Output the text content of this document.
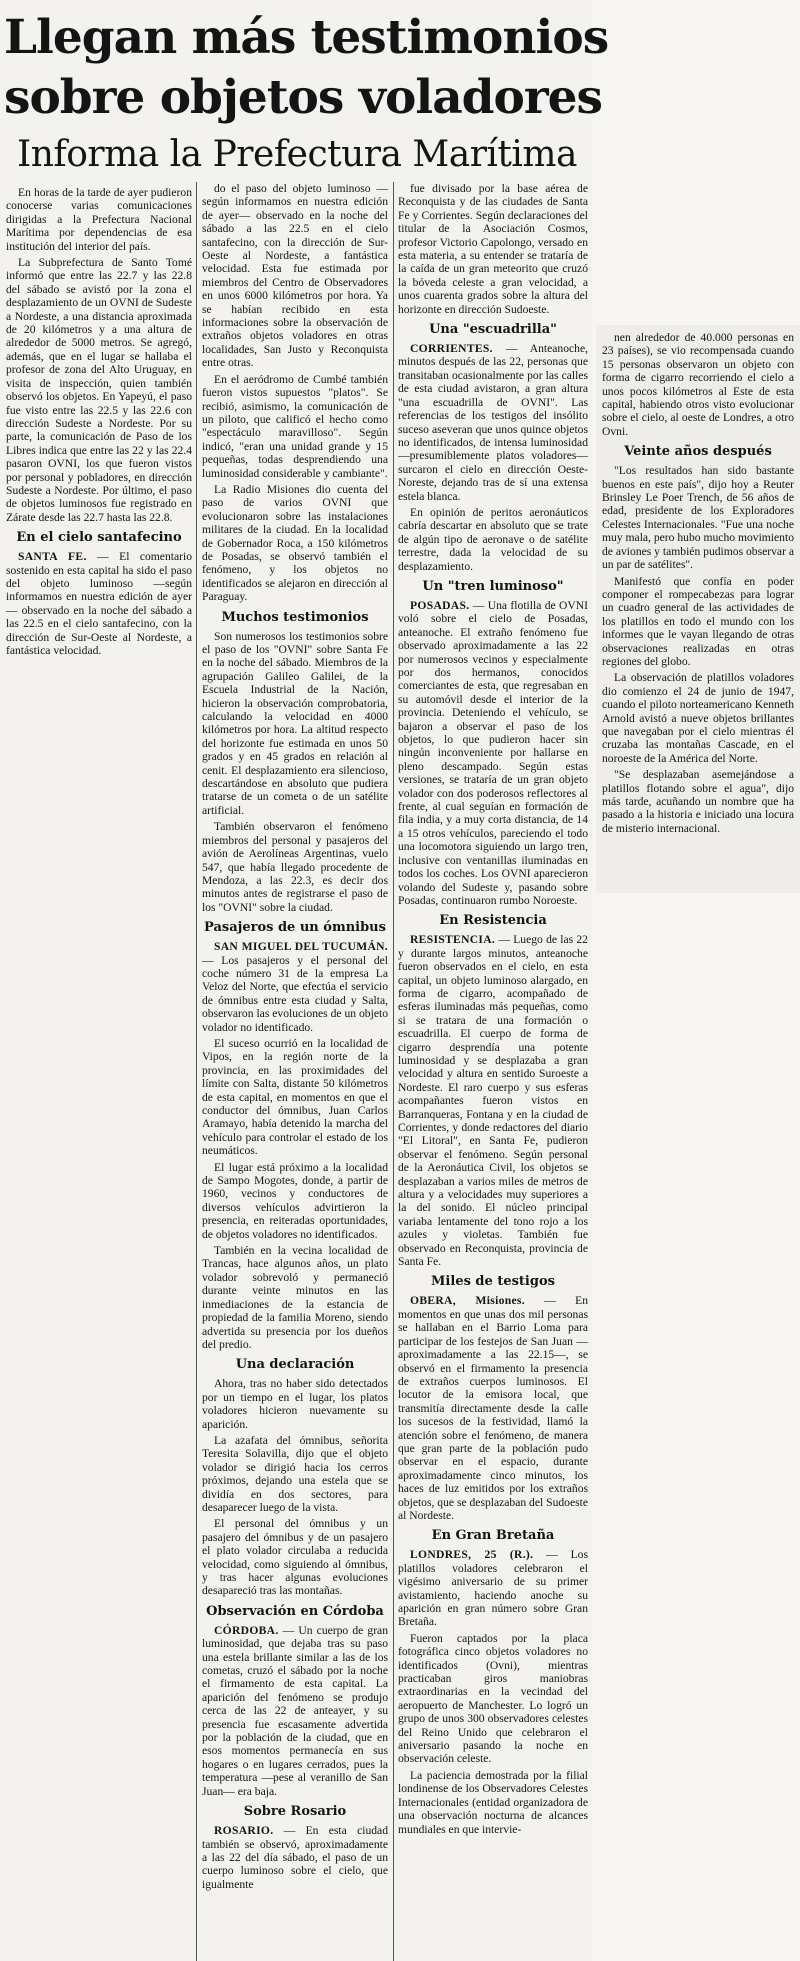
Llegan más testimonios
sobre objetos voladores
Informa la Prefectura Marítima

En horas de la tarde de ayer pudieron conocerse varias comunicaciones dirigidas a la Prefectura Nacional Marítima por dependencias de esa institución del interior del país.

La Subprefectura de Santo Tomé informó que entre las 22.7 y las 22.8 del sábado se avistó por la zona el desplazamiento de un OVNI de Sudeste a Nordeste, a una distancia aproximada de 20 kilómetros y a una altura de alrededor de 5000 metros. Se agregó, además, que en el lugar se hallaba el profesor de zona del Alto Uruguay, en visita de inspección, quien también observó los objetos. En Yapeyú, el paso fue visto entre las 22.5 y las 22.6 con dirección Sudeste a Nordeste. Por su parte, la comunicación de Paso de los Libres indica que entre las 22 y las 22.4 pasaron OVNI, los que fueron vistos por personal y pobladores, en dirección Sudeste a Nordeste. Por último, el paso de objetos luminosos fue registrado en Zárate desde las 22.7 hasta las 22.8.

En el cielo santafecino

SANTA FE. — El comentario sostenido en esta capital ha sido el paso del objeto luminoso —según informamos en nuestra edición de ayer— observado en la noche del sábado a las 22.5 en el cielo santafecino, con la dirección de Sur-Oeste al Nordeste, a fantástica velocidad.

do el paso del objeto luminoso —según informamos en nuestra edición de ayer— observado en la noche del sábado a las 22.5 en el cielo santafecino, con la dirección de Sur-Oeste al Nordeste, a fantástica velocidad. Esta fue estimada por miembros del Centro de Observadores en unos 6000 kilómetros por hora. Ya se habían recibido en esta informaciones sobre la observación de extraños objetos voladores en otras localidades, San Justo y Reconquista entre otras.

En el aeródromo de Cumbé también fueron vistos supuestos "platos". Se recibió, asimismo, la comunicación de un piloto, que calificó el hecho como "espectáculo maravilloso". Según indicó, "eran una unidad grande y 15 pequeñas, todas desprendiendo una luminosidad considerable y cambiante".

La Radio Misiones dio cuenta del paso de varios OVNI que evolucionaron sobre las instalaciones militares de la ciudad. En la localidad de Gobernador Roca, a 150 kilómetros de Posadas, se observó también el fenómeno, y los objetos no identificados se alejaron en dirección al Paraguay.

Muchos testimonios

Son numerosos los testimonios sobre el paso de los "OVNI" sobre Santa Fe en la noche del sábado. Miembros de la agrupación Galileo Galilei, de la Escuela Industrial de la Nación, hicieron la observación comprobatoria, calculando la velocidad en 4000 kilómetros por hora. La altitud respecto del horizonte fue estimada en unos 50 grados y en 45 grados en relación al cenit. El desplazamiento era silencioso, descartándose en absoluto que pudiera tratarse de un cometa o de un satélite artificial.

También observaron el fenómeno miembros del personal y pasajeros del avión de Aerolíneas Argentinas, vuelo 547, que había llegado procedente de Mendoza, a las 22.3, es decir dos minutos antes de registrarse el paso de los "OVNI" sobre la ciudad.

Pasajeros de un ómnibus

SAN MIGUEL DEL TUCUMÁN. — Los pasajeros y el personal del coche número 31 de la empresa La Veloz del Norte, que efectúa el servicio de ómnibus entre esta ciudad y Salta, observaron las evoluciones de un objeto volador no identificado.

El suceso ocurrió en la localidad de Vipos, en la región norte de la provincia, en las proximidades del límite con Salta, distante 50 kilómetros de esta capital, en momentos en que el conductor del ómnibus, Juan Carlos Aramayo, había detenido la marcha del vehículo para controlar el estado de los neumáticos.

El lugar está próximo a la localidad de Sampo Mogotes, donde, a partir de 1960, vecinos y conductores de diversos vehículos advirtieron la presencia, en reiteradas oportunidades, de objetos voladores no identificados.

También en la vecina localidad de Trancas, hace algunos años, un plato volador sobrevoló y permaneció durante veinte minutos en las inmediaciones de la estancia de propiedad de la familia Moreno, siendo advertida su presencia por los dueños del predio.

Una declaración

Ahora, tras no haber sido detectados por un tiempo en el lugar, los platos voladores hicieron nuevamente su aparición.

La azafata del ómnibus, señorita Teresita Solavilla, dijo que el objeto volador se dirigió hacia los cerros próximos, dejando una estela que se dividía en dos sectores, para desaparecer luego de la vista.

El personal del ómnibus y un pasajero del ómnibus y de un pasajero el plato volador circulaba a reducida velocidad, como siguiendo al ómnibus, y tras hacer algunas evoluciones desapareció tras las montañas.

Observación en Córdoba

CÓRDOBA. — Un cuerpo de gran luminosidad, que dejaba tras su paso una estela brillante similar a las de los cometas, cruzó el sábado por la noche el firmamento de esta capital. La aparición del fenómeno se produjo cerca de las 22 de anteayer, y su presencia fue escasamente advertida por la población de la ciudad, que en esos momentos permanecía en sus hogares o en lugares cerrados, pues la temperatura —pese al veranillo de San Juan— era baja.

Sobre Rosario

ROSARIO. — En esta ciudad también se observó, aproximadamente a las 22 del día sábado, el paso de un cuerpo luminoso sobre el cielo, que igualmente

fue divisado por la base aérea de Reconquista y de las ciudades de Santa Fe y Corrientes. Según declaraciones del titular de la Asociación Cosmos, profesor Victorio Capolongo, versado en esta materia, a su entender se trataría de la caída de un gran meteorito que cruzó la bóveda celeste a gran velocidad, a unos cuarenta grados sobre la altura del horizonte en dirección Sudoeste.

Una "escuadrilla"

CORRIENTES. — Anteanoche, minutos después de las 22, personas que transitaban ocasionalmente por las calles de esta ciudad avistaron, a gran altura "una escuadrilla de OVNI". Las referencias de los testigos del insólito suceso aseveran que unos quince objetos no identificados, de intensa luminosidad —presumiblemente platos voladores— surcaron el cielo en dirección Oeste-Noreste, dejando tras de sí una extensa estela blanca.

En opinión de peritos aeronáuticos cabría descartar en absoluto que se trate de algún tipo de aeronave o de satélite terrestre, dada la velocidad de su desplazamiento.

Un "tren luminoso"

POSADAS. — Una flotilla de OVNI voló sobre el cielo de Posadas, anteanoche. El extraño fenómeno fue observado aproximadamente a las 22 por numerosos vecinos y especialmente por dos hermanos, conocidos comerciantes de esta, que regresaban en su automóvil desde el interior de la provincia. Deteniendo el vehículo, se bajaron a observar el paso de los objetos, lo que pudieron hacer sin ningún inconveniente por hallarse en pleno descampado. Según estas versiones, se trataría de un gran objeto volador con dos poderosos reflectores al frente, al cual seguían en formación de fila india, y a muy corta distancia, de 14 a 15 otros vehículos, pareciendo el todo una locomotora siguiendo un largo tren, inclusive con ventanillas iluminadas en todos los coches. Los OVNI aparecieron volando del Sudeste y, pasando sobre Posadas, continuaron rumbo Noroeste.

En Resistencia

RESISTENCIA. — Luego de las 22 y durante largos minutos, anteanoche fueron observados en el cielo, en esta capital, un objeto luminoso alargado, en forma de cigarro, acompañado de esferas iluminadas más pequeñas, como si se tratara de una formación o escuadrilla. El cuerpo de forma de cigarro desprendía una potente luminosidad y se desplazaba a gran velocidad y altura en sentido Suroeste a Nordeste. El raro cuerpo y sus esferas acompañantes fueron vistos en Barranqueras, Fontana y en la ciudad de Corrientes, y donde redactores del diario "El Litoral", en Santa Fe, pudieron observar el fenómeno. Según personal de la Aeronáutica Civil, los objetos se desplazaban a varios miles de metros de altura y a velocidades muy superiores a la del sonido. El núcleo principal variaba lentamente del tono rojo a los azules y violetas. También fue observado en Reconquista, provincia de Santa Fe.

Miles de testigos

OBERA, Misiones. — En momentos en que unas dos mil personas se hallaban en el Barrio Loma para participar de los festejos de San Juan —aproximadamente a las 22.15—, se observó en el firmamento la presencia de extraños cuerpos luminosos. El locutor de la emisora local, que transmitía directamente desde la calle los sucesos de la festividad, llamó la atención sobre el fenómeno, de manera que gran parte de la población pudo observar en el espacio, durante aproximadamente cinco minutos, los haces de luz emitidos por los extraños objetos, que se desplazaban del Sudoeste al Nordeste.

En Gran Bretaña

LONDRES, 25 (R.). — Los platillos voladores celebraron el vigésimo aniversario de su primer avistamiento, haciendo anoche su aparición en gran número sobre Gran Bretaña.

Fueron captados por la placa fotográfica cinco objetos voladores no identificados (Ovni), mientras practicaban giros maniobras extraordinarias en la vecindad del aeropuerto de Manchester. Lo logró un grupo de unos 300 observadores celestes del Reino Unido que celebraron el aniversario pasando la noche en observación celeste.

La paciencia demostrada por la filial londinense de los Observadores Celestes Internacionales (entidad organizadora de una observación nocturna de alcances mundiales en que intervie-

nen alrededor de 40.000 personas en 23 países), se vio recompensada cuando 15 personas observaron un objeto con forma de cigarro recorriendo el cielo a unos pocos kilómetros al Este de esta capital, habiendo otros visto evolucionar sobre el cielo, al oeste de Londres, a otro Ovni.

Veinte años después

"Los resultados han sido bastante buenos en este país", dijo hoy a Reuter Brinsley Le Poer Trench, de 56 años de edad, presidente de los Exploradores Celestes Internacionales. "Fue una noche muy mala, pero hubo mucho movimiento de aviones y también pudimos observar a un par de satélites".

Manifestó que confía en poder componer el rompecabezas para lograr un cuadro general de las actividades de los platillos en todo el mundo con los informes que le vayan llegando de otras observaciones realizadas en otras regiones del globo.

La observación de platillos voladores dio comienzo el 24 de junio de 1947, cuando el piloto norteamericano Kenneth Arnold avistó a nueve objetos brillantes que navegaban por el cielo mientras él cruzaba las montañas Cascade, en el noroeste de la América del Norte.

"Se desplazaban asemejándose a platillos flotando sobre el agua", dijo más tarde, acuñando un nombre que ha pasado a la historia e iniciado una locura de misterio internacional.
